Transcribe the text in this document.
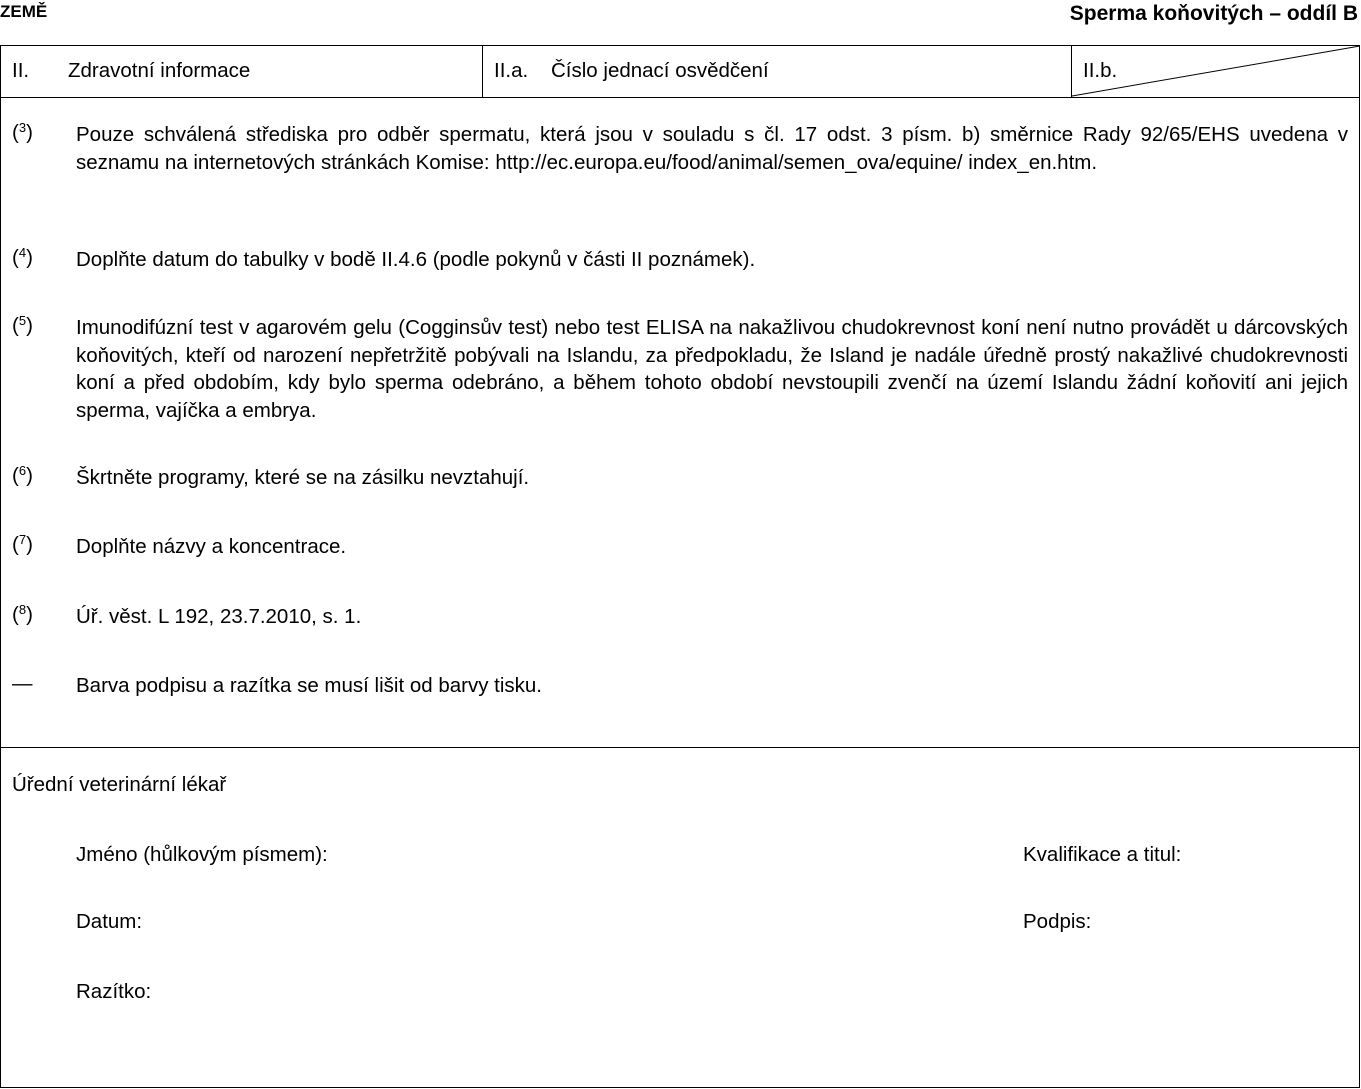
ZEMĚ	Sperma koňovitých – oddíl B
II. Zdravotní informace	II.a. Číslo jednací osvědčení	II.b.
($^3$) Pouze schválená střediska pro odběr spermatu, která jsou v souladu s čl. 17 odst. 3 písm. b) směrnice Rady 92/65/EHS uvedena v seznamu na internetových stránkách Komise: http://ec.europa.eu/food/animal/semen_ova/equine/ index_en.htm.
($^4$) Doplňte datum do tabulky v bodě II.4.6 (podle pokynů v části II poznámek).
($^5$) Imunodifúzní test v agarovém gelu (Cogginsův test) nebo test ELISA na nakažlivou chudokrevnost koní není nutno provádět u dárcovských koňovitých, kteří od narození nepřetržitě pobývali na Islandu, za předpokladu, že Island je nadále úředně prostý nakažlivé chudokrevnosti koní a před obdobím, kdy bylo sperma odebráno, a během tohoto období nevstoupili zvenčí na území Islandu žádní koňovití ani jejich sperma, vajíčka a embrya.
($^6$) Škrtněte programy, které se na zásilku nevztahují.
($^7$) Doplňte názvy a koncentrace.
($^8$) Úř. věst. L 192, 23.7.2010, s. 1.
— Barva podpisu a razítka se musí lišit od barvy tisku.
Úřední veterinární lékař
Jméno (hůlkovým písmem):	Kvalifikace a titul:
Datum:	Podpis:
Razítko:
